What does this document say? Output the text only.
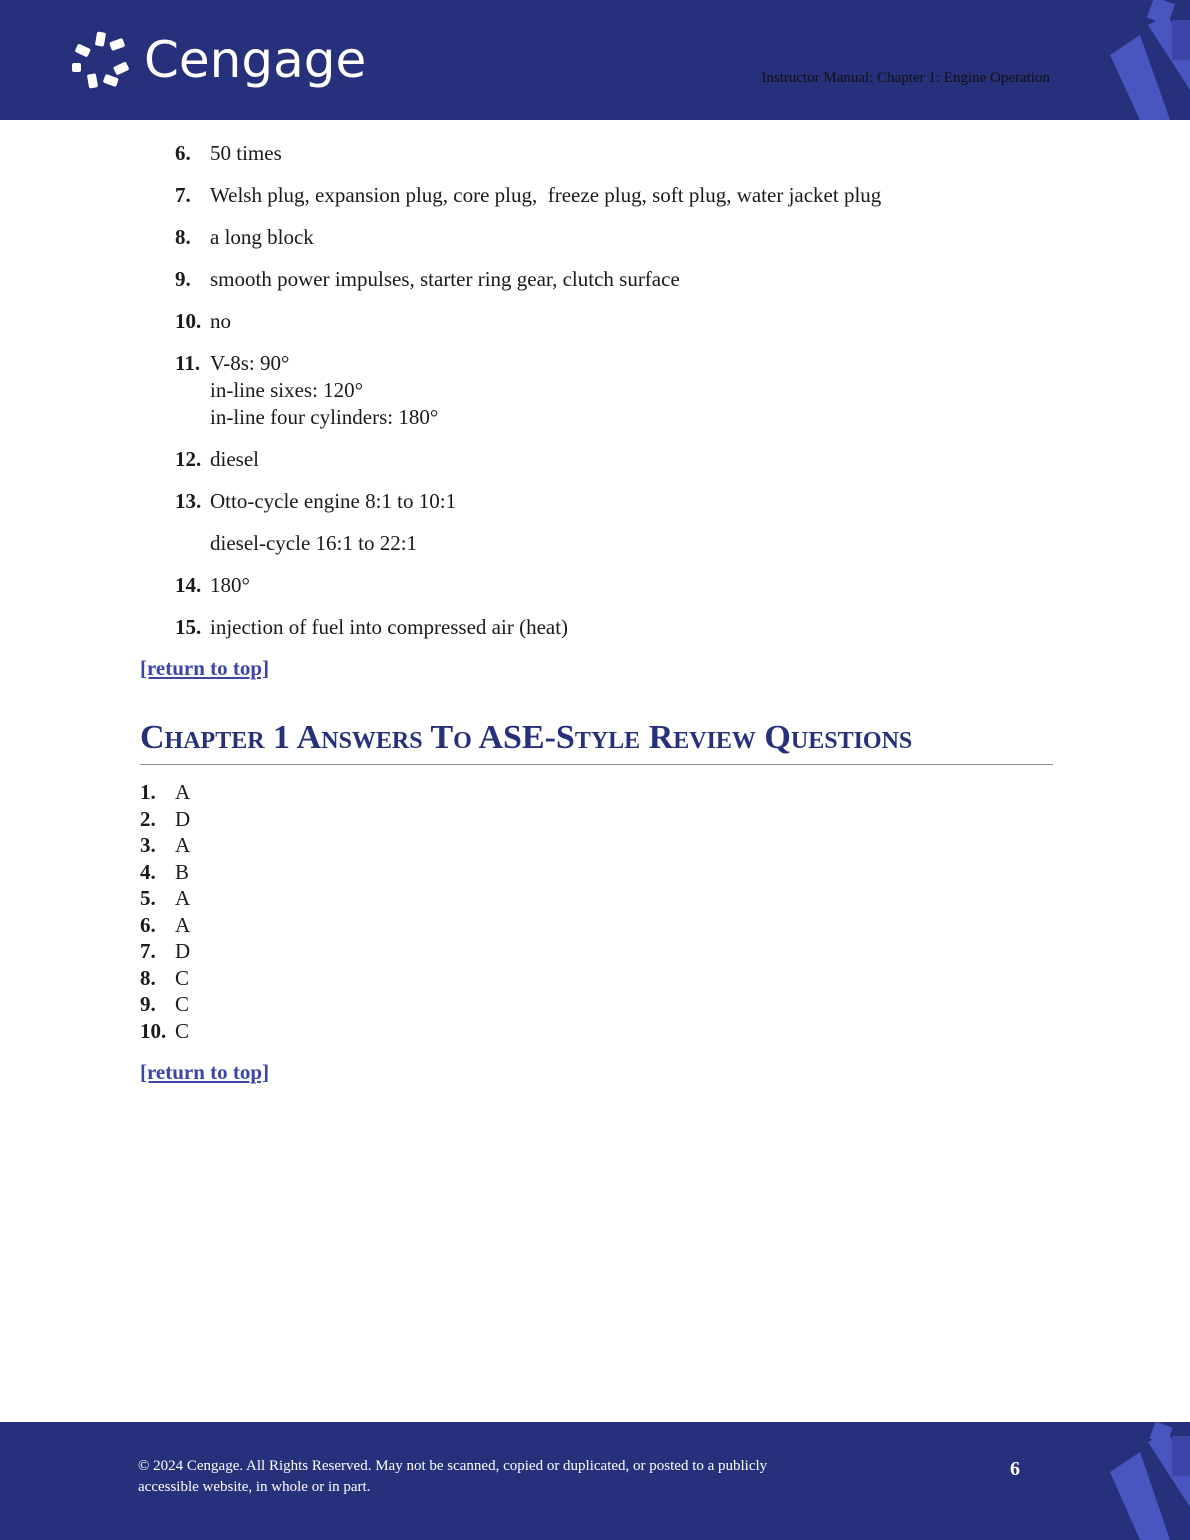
Cengage	Instructor Manual: Chapter 1: Engine Operation
6. 50 times
7. Welsh plug, expansion plug, core plug,  freeze plug, soft plug, water jacket plug
8. a long block
9. smooth power impulses, starter ring gear, clutch surface
10. no
11. V-8s: 90°
in-line sixes: 120°
in-line four cylinders: 180°
12. diesel
13. Otto-cycle engine 8:1 to 10:1
diesel-cycle 16:1 to 22:1
14. 180°
15. injection of fuel into compressed air (heat)
[return to top]
Chapter 1 Answers To ASE-Style Review Questions
1. A
2. D
3. A
4. B
5. A
6. A
7. D
8. C
9. C
10. C
[return to top]
© 2024 Cengage. All Rights Reserved. May not be scanned, copied or duplicated, or posted to a publicly
accessible website, in whole or in part.
6
